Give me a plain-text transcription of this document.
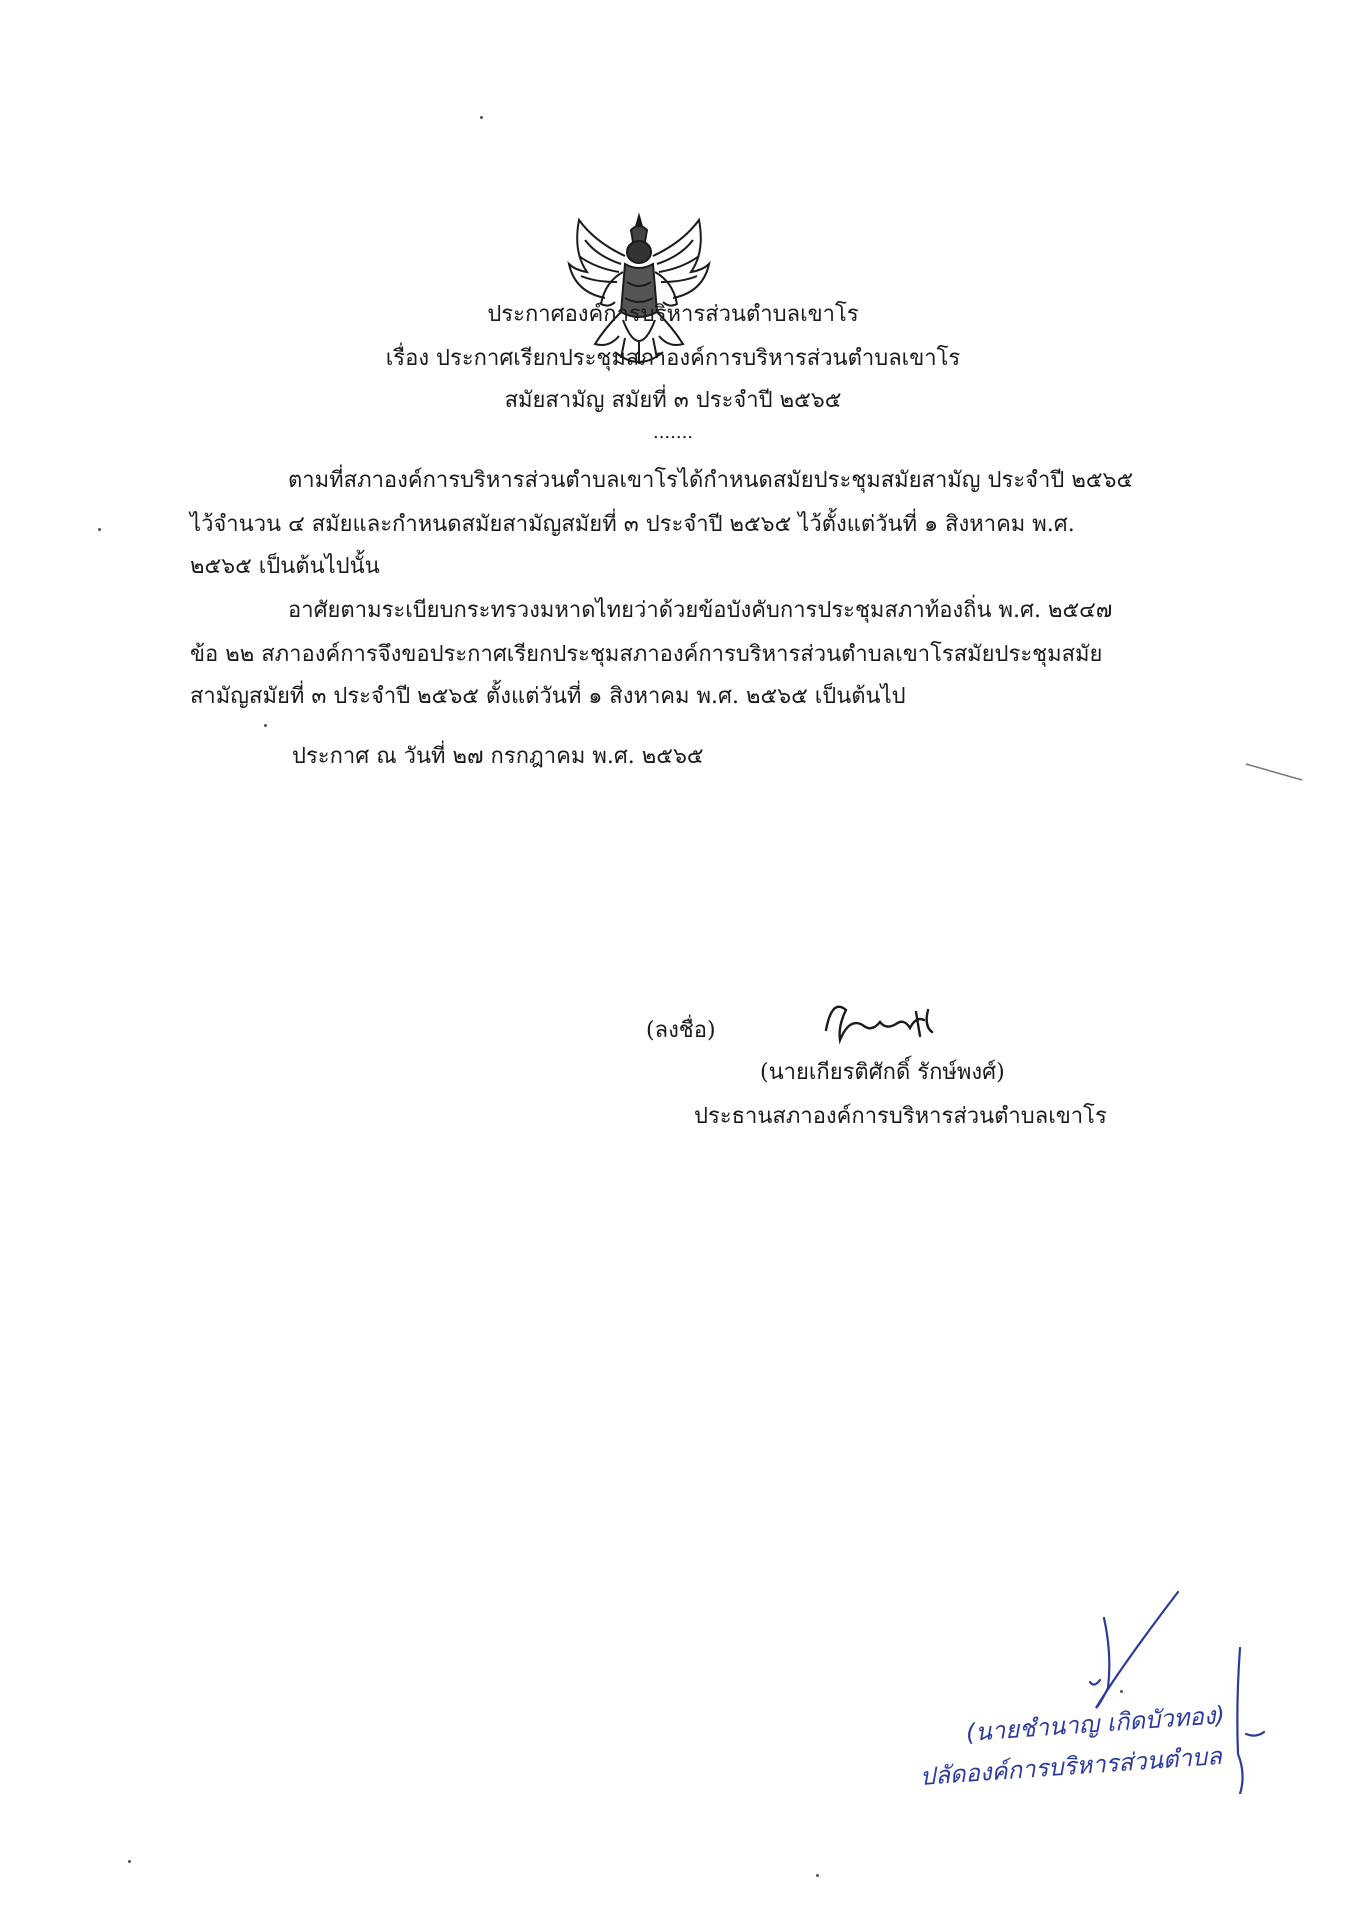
ประกาศองค์การบริหารส่วนตำบลเขาโร
เรื่อง ประกาศเรียกประชุมสภาองค์การบริหารส่วนตำบลเขาโร
สมัยสามัญ สมัยที่ ๓ ประจำปี ๒๕๖๕
.......
ตามที่สภาองค์การบริหารส่วนตำบลเขาโรได้กำหนดสมัยประชุมสมัยสามัญ ประจำปี ๒๕๖๕
ไว้จำนวน ๔ สมัยและกำหนดสมัยสามัญสมัยที่ ๓ ประจำปี ๒๕๖๕ ไว้ตั้งแต่วันที่ ๑ สิงหาคม พ.ศ.
๒๕๖๕ เป็นต้นไปนั้น
อาศัยตามระเบียบกระทรวงมหาดไทยว่าด้วยข้อบังคับการประชุมสภาท้องถิ่น พ.ศ. ๒๕๔๗
ข้อ ๒๒ สภาองค์การจึงขอประกาศเรียกประชุมสภาองค์การบริหารส่วนตำบลเขาโรสมัยประชุมสมัย
สามัญสมัยที่ ๓ ประจำปี ๒๕๖๕ ตั้งแต่วันที่ ๑ สิงหาคม พ.ศ. ๒๕๖๕ เป็นต้นไป
ประกาศ ณ วันที่ ๒๗ กรกฎาคม พ.ศ. ๒๕๖๕
(ลงชื่อ)
(นายเกียรติศักดิ์ รักษ์พงศ์)
ประธานสภาองค์การบริหารส่วนตำบลเขาโร
(นายชำนาญ เกิดบัวทอง)
ปลัดองค์การบริหารส่วนตำบล
